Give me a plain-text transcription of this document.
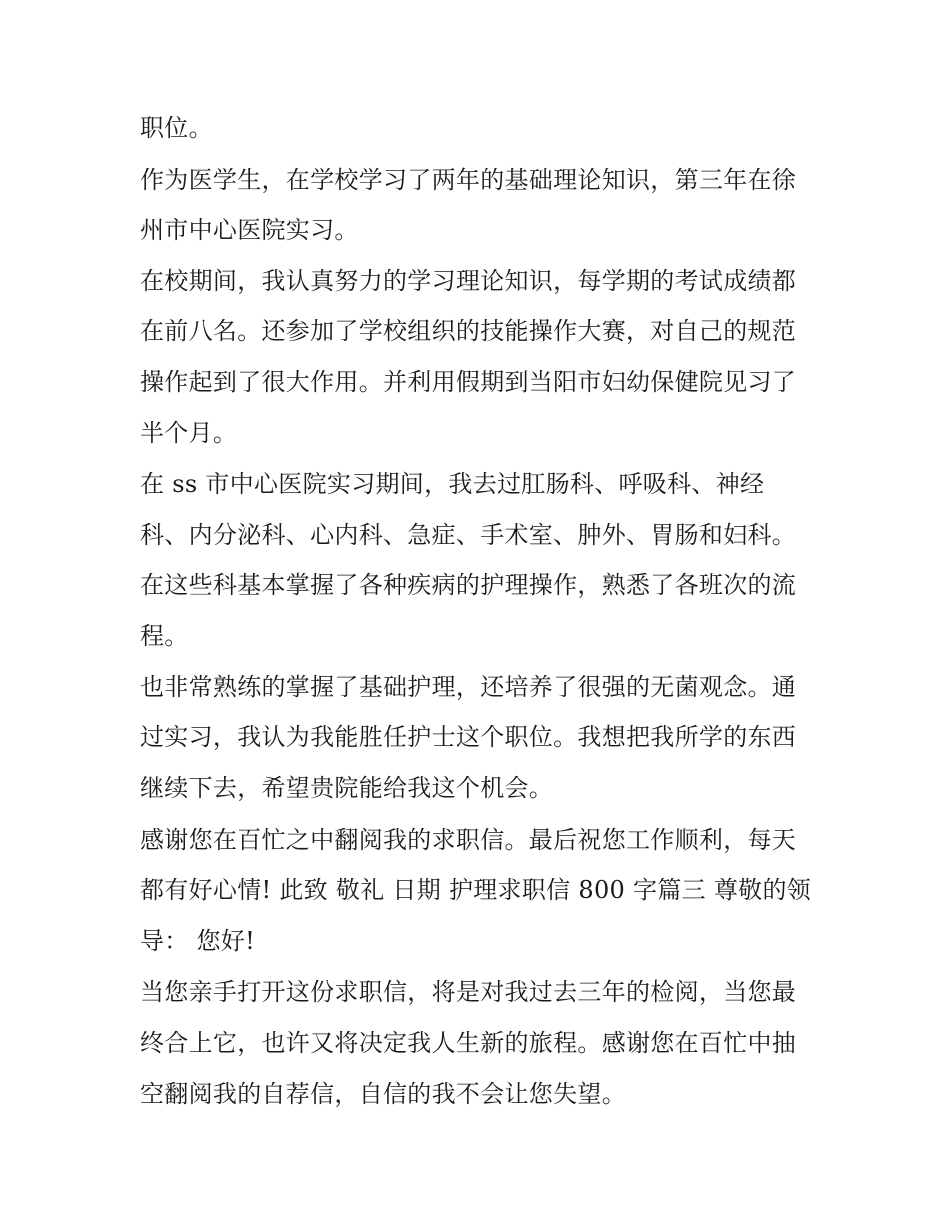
职位。

作为医学生，在学校学习了两年的基础理论知识，第三年在徐

州市中心医院实习。

在校期间，我认真努力的学习理论知识，每学期的考试成绩都

在前八名。还参加了学校组织的技能操作大赛，对自己的规范

操作起到了很大作用。并利用假期到当阳市妇幼保健院见习了

半个月。

在 ss 市中心医院实习期间，我去过肛肠科、呼吸科、神经

科、内分泌科、心内科、急症、手术室、肿外、胃肠和妇科。

在这些科基本掌握了各种疾病的护理操作，熟悉了各班次的流

程。

也非常熟练的掌握了基础护理，还培养了很强的无菌观念。通

过实习，我认为我能胜任护士这个职位。我想把我所学的东西

继续下去，希望贵院能给我这个机会。

感谢您在百忙之中翻阅我的求职信。最后祝您工作顺利，每天

都有好心情! 此致 敬礼 日期 护理求职信 800 字篇三 尊敬的领

导： 您好!

当您亲手打开这份求职信，将是对我过去三年的检阅，当您最

终合上它，也许又将决定我人生新的旅程。感谢您在百忙中抽

空翻阅我的自荐信，自信的我不会让您失望。
